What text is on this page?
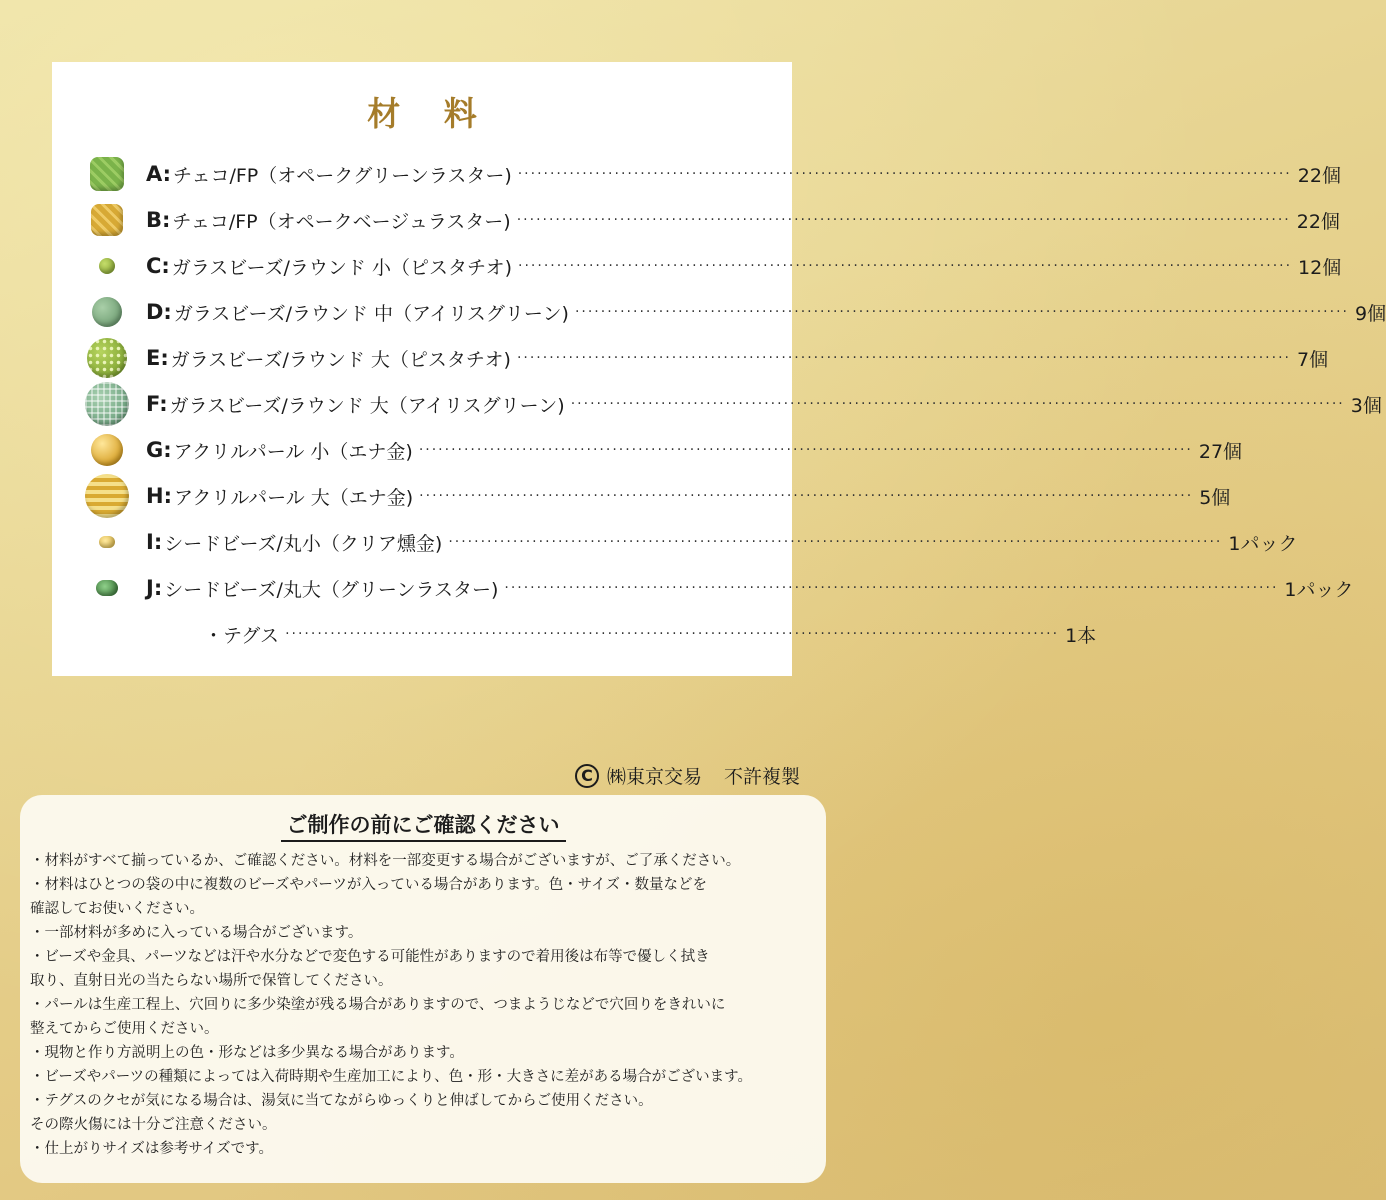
材 料
A: チェコ/FP（オペークグリーンラスター) ························································································································ 22個
B: チェコ/FP（オペークベージュラスター) ························································································································ 22個
C: ガラスビーズ/ラウンド 小（ピスタチオ) ························································································································ 12個
D: ガラスビーズ/ラウンド 中（アイリスグリーン) ························································································································ 9個
E: ガラスビーズ/ラウンド 大（ピスタチオ) ························································································································ 7個
F: ガラスビーズ/ラウンド 大（アイリスグリーン) ························································································································ 3個
G: アクリルパール 小（エナ金) ························································································································ 27個
H: アクリルパール 大（エナ金) ························································································································ 5個
I: シードビーズ/丸小（クリア燻金) ························································································································ 1パック
J: シードビーズ/丸大（グリーンラスター) ························································································································ 1パック
・テグス ························································································································ 1本
C ㈱東京交易 不許複製
ご制作の前にご確認ください
・ 材料がすべて揃っているか、ご確認ください。材料を一部変更する場合がございますが、ご了承ください。
・ 材料はひとつの袋の中に複数のビーズやパーツが入っている場合があります。色・サイズ・数量などを
確認してお使いください。
・ 一部材料が多めに入っている場合がございます。
・ ビーズや金具、パーツなどは汗や水分などで変色する可能性がありますので着用後は布等で優しく拭き
取り、直射日光の当たらない場所で保管してください。
・ パールは生産工程上、穴回りに多少染塗が残る場合がありますので、つまようじなどで穴回りをきれいに
整えてからご使用ください。
・ 現物と作り方説明上の色・形などは多少異なる場合があります。
・ ビーズやパーツの種類によっては入荷時期や生産加工により、色・形・大きさに差がある場合がございます。
・ テグスのクセが気になる場合は、湯気に当てながらゆっくりと伸ばしてからご使用ください。
その際火傷には十分ご注意ください。
・ 仕上がりサイズは参考サイズです。
